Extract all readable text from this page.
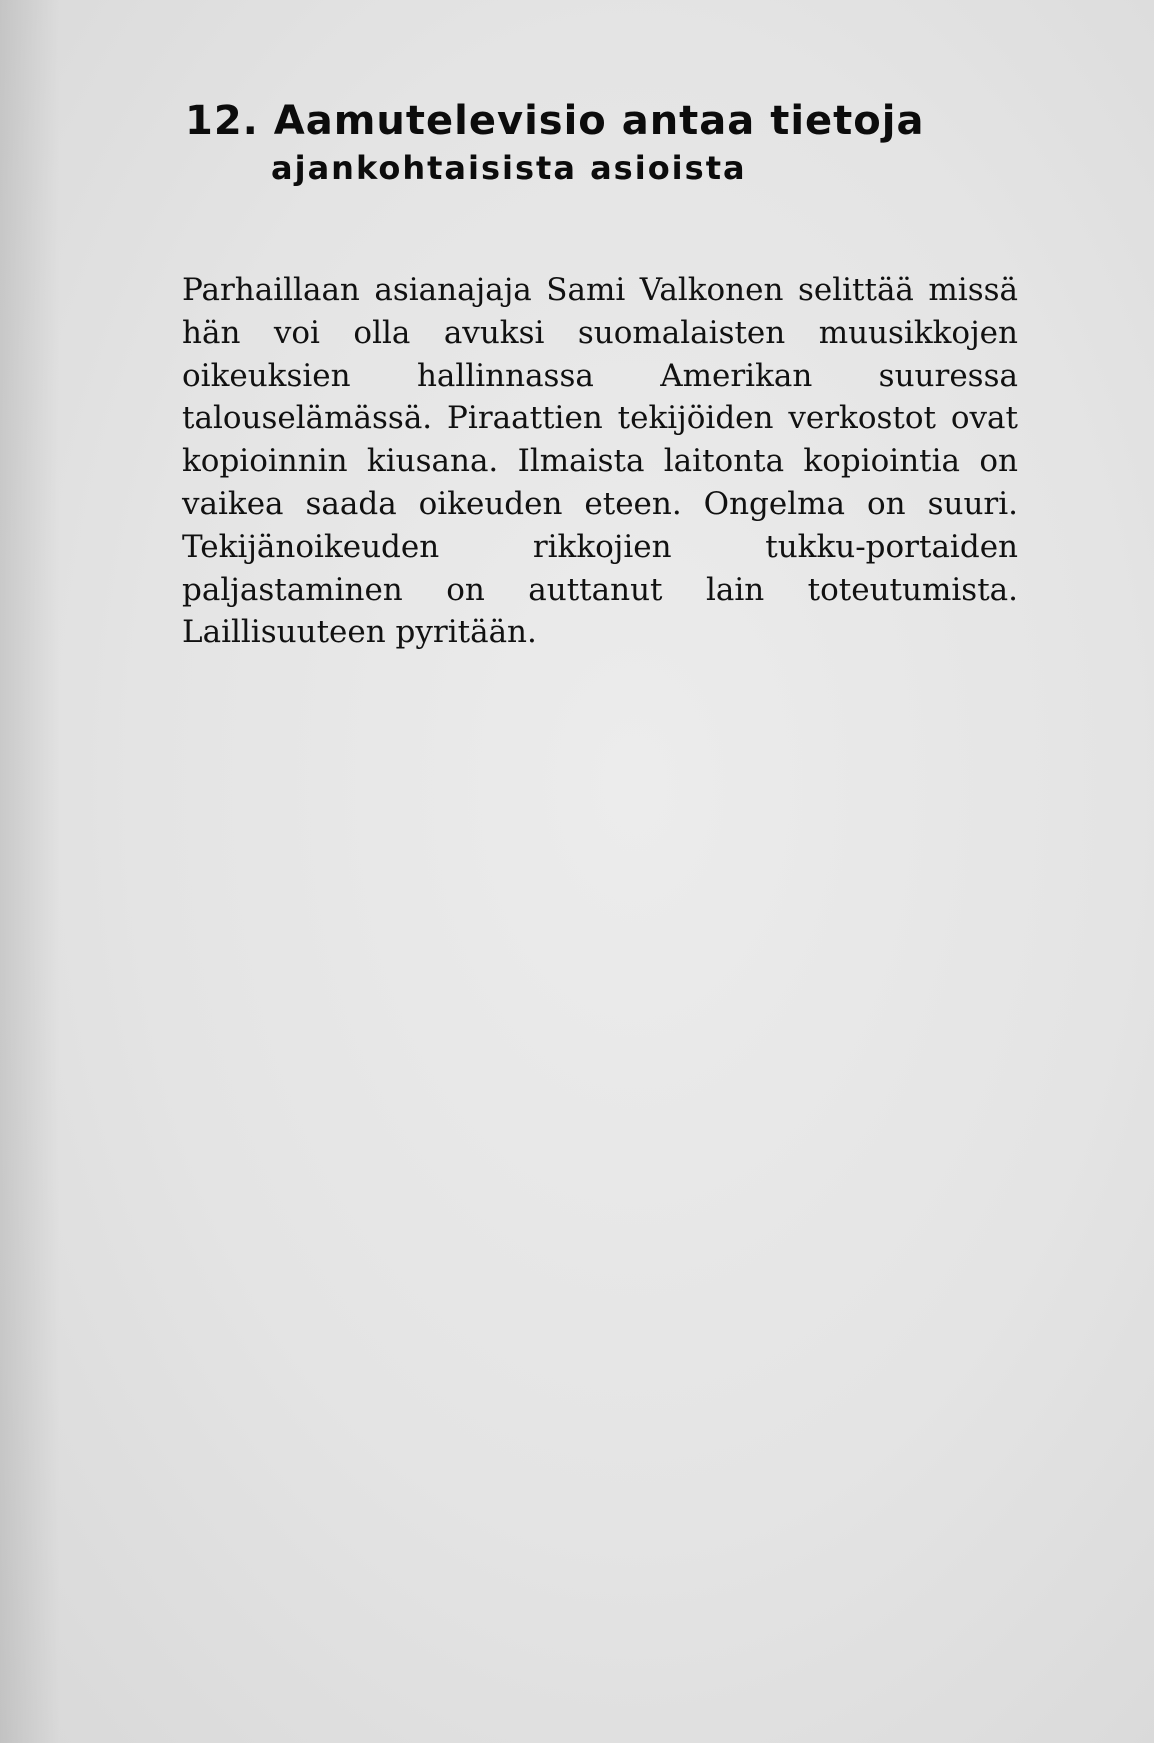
12. Aamutelevisio antaa tietoja
ajankohtaisista asioista

Parhaillaan asianajaja Sami Valkonen selittää missä hän voi olla avuksi suomalaisten muusikkojen oikeuksien hallinnassa Amerikan suuressa talouselämässä. Piraattien tekijöiden verkostot ovat kopioinnin kiusana. Ilmaista laitonta kopiointia on vaikea saada oikeuden eteen. Ongelma on suuri. Tekijänoikeuden rikkojien tukku-portaiden paljastaminen on auttanut lain toteutumista. Laillisuuteen pyritään.
